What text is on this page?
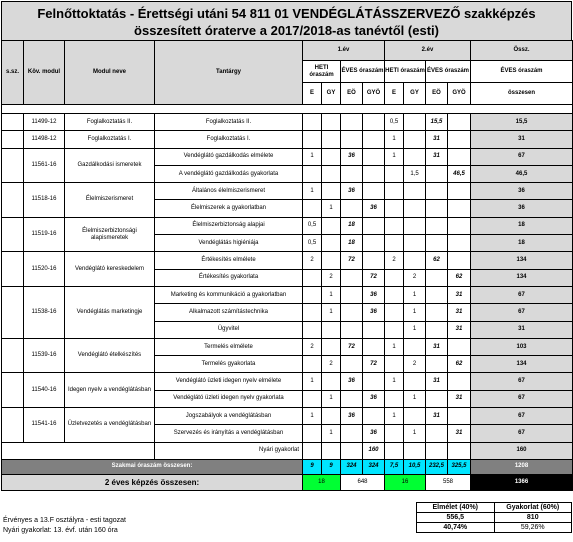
Felnőttoktatás - Érettségi utáni 54 811 01 VENDÉGLÁTÁSSZERVEZŐ szakképzés
összesített óraterve a 2017/2018-as tanévtől (esti)
s.sz.	Köv. modul	Modul neve	Tantárgy	1.év				2.év				Össz.
				HETI óraszám		ÉVES óraszám		HETI óraszám		ÉVES óraszám		ÉVES óraszám
				E	GY	EÖ	GYÖ	E	GY	EÖ	GYÖ	összesen

	11499-12	Foglalkoztatás II.	Foglalkoztatás II.					0,5		15,5		15,5
	11498-12	Foglalkoztatás I.	Foglalkoztatás I.					1		31		31
	11561-16	Gazdálkodási ismeretek	Vendéglátó gazdálkodás elmélete	1		36		1		31		67
			A vendéglátó gazdálkodás gyakorlata						1,5		46,5	46,5
	11518-16	Élelmiszerismeret	Általános élelmiszerismeret	1		36						36
			Élelmiszerek a gyakorlatban		1		36					36
	11519-16	Élelmiszerbiztonsági alapismeretek	Élelmiszerbiztonság alapjai	0,5		18						18
			Vendéglátás higiéniája	0,5		18						18
	11520-16	Vendéglátó kereskedelem	Értékesítés elmélete	2		72		2		62		134
			Értékesítés gyakorlata		2		72		2		62	134
	11538-16	Vendéglátás marketingje	Marketing és kommunikáció a gyakorlatban		1		36		1		31	67
			Alkalmazott számítástechnika		1		36		1		31	67
			Ügyvitel						1		31	31
	11539-16	Vendéglátó ételkészítés	Termelés elmélete	2		72		1		31		103
			Termelés gyakorlata		2		72		2		62	134
	11540-16	Idegen nyelv a vendéglátásban	Vendéglátó üzleti idegen nyelv elmélete	1		36		1		31		67
			Vendéglátó üzleti idegen nyelv gyakorlata		1		36		1		31	67
	11541-16	Üzletvezetés a vendéglátásban	Jogszabályok a vendéglátásban	1		36		1		31		67
			Szervezés és irányítás a vendéglátásban		1		36		1		31	67
			Nyári gyakorlat				160					160
Szakmai óraszám összesen:				9	9	324	324	7,5	10,5	232,5	325,5	1208
2 éves képzés összesen:				18		648		16		558		1366
Érvényes a 13.F osztályra - esti tagozat
Nyári gyakorlat: 13. évf. után 160 óra
Elmélet (40%)	Gyakorlat (60%)
556,5	810
40,74%	59,26%
